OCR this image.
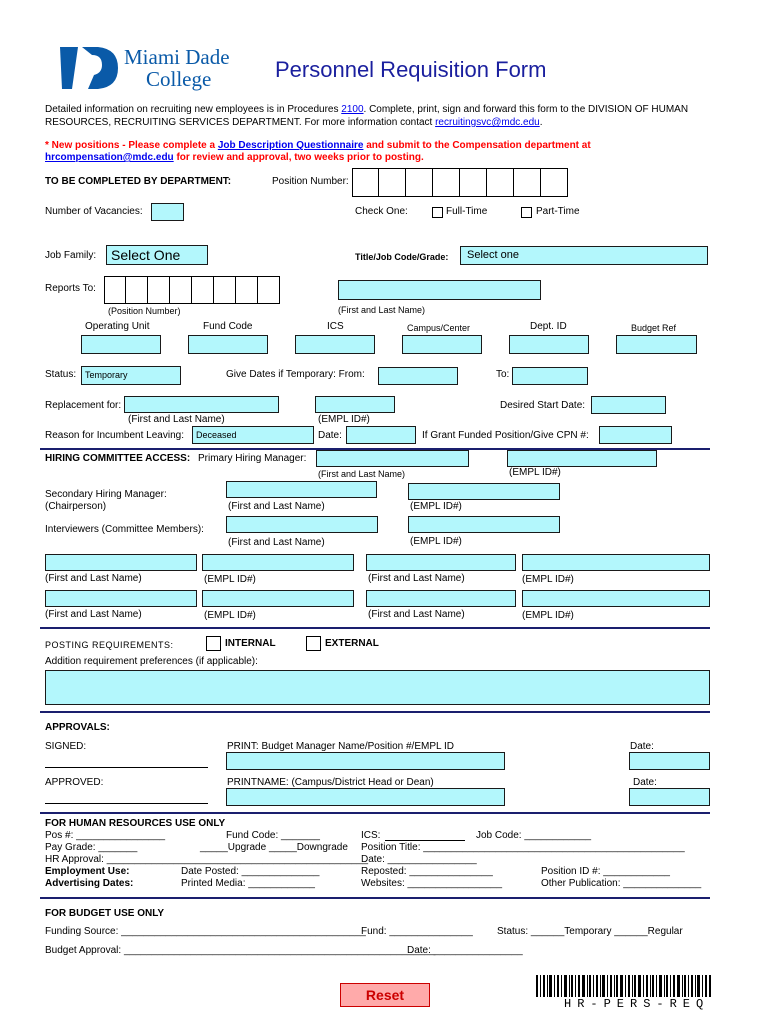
Miami Dade
College	Personnel Requisition Form
Detailed information on recruiting new employees is in Procedures 2100. Complete, print, sign and forward this form to the DIVISION OF HUMAN
RESOURCES, RECRUITING SERVICES DEPARTMENT. For more information contact recruitingsvc@mdc.edu.
* New positions - Please complete a Job Description Questionnaire and submit to the Compensation department at
hrcompensation@mdc.edu for review and approval, two weeks prior to posting.
TO BE COMPLETED BY DEPARTMENT:	Position Number:
Number of Vacancies:	Check One:	Full-Time	Part-Time
Job Family:	Select One	Title/Job Code/Grade:	Select one
Reports To:
(Position Number)	(First and Last Name)
Operating Unit	Fund Code	ICS	Campus/Center	Dept. ID	Budget Ref
Status: Temporary	Give Dates if Temporary: From:	To:
Replacement for:
(First and Last Name)	(EMPL ID#)
Desired Start Date:
Reason for Incumbent Leaving:	Deceased	Date:	If Grant Funded Position/Give CPN #:
HIRING COMMITTEE ACCESS: Primary Hiring Manager:
(First and Last Name)	(EMPL ID#)
Secondary Hiring Manager:
(Chairperson)	(First and Last Name)	(EMPL ID#)
Interviewers (Committee Members):
(First and Last Name)	(EMPL ID#)
(First and Last Name)	(EMPL ID#)	(First and Last Name)	(EMPL ID#)
(First and Last Name)	(EMPL ID#)	(First and Last Name)	(EMPL ID#)
POSTING REQUIREMENTS:	INTERNAL	EXTERNAL
Addition requirement preferences (if applicable):
APPROVALS:
SIGNED:	PRINT: Budget Manager Name/Position #/EMPL ID	Date:
APPROVED:	PRINTNAME: (Campus/District Head or Dean)	Date:
FOR HUMAN RESOURCES USE ONLY
Pos #: ________________	Fund Code: _______	ICS:	Job Code: ____________
Pay Grade: _______	_____Upgrade _____Downgrade Position Title: _______________________________________________
HR Approval: _______________________________________________
Date: ________________
Employment Use:	Date Posted: ______________	Reposted: _______________	Position ID #: ____________
Advertising Dates:	Printed Media: ____________	Websites: _________________	Other Publication: ______________
FOR BUDGET USE ONLY
Funding Source: ____________________________________________
Fund: _______________ Status: ______Temporary ______Regular
Budget Approval: ________________________________________________________
Date: ________________
Reset
HR-PERS-REQ
